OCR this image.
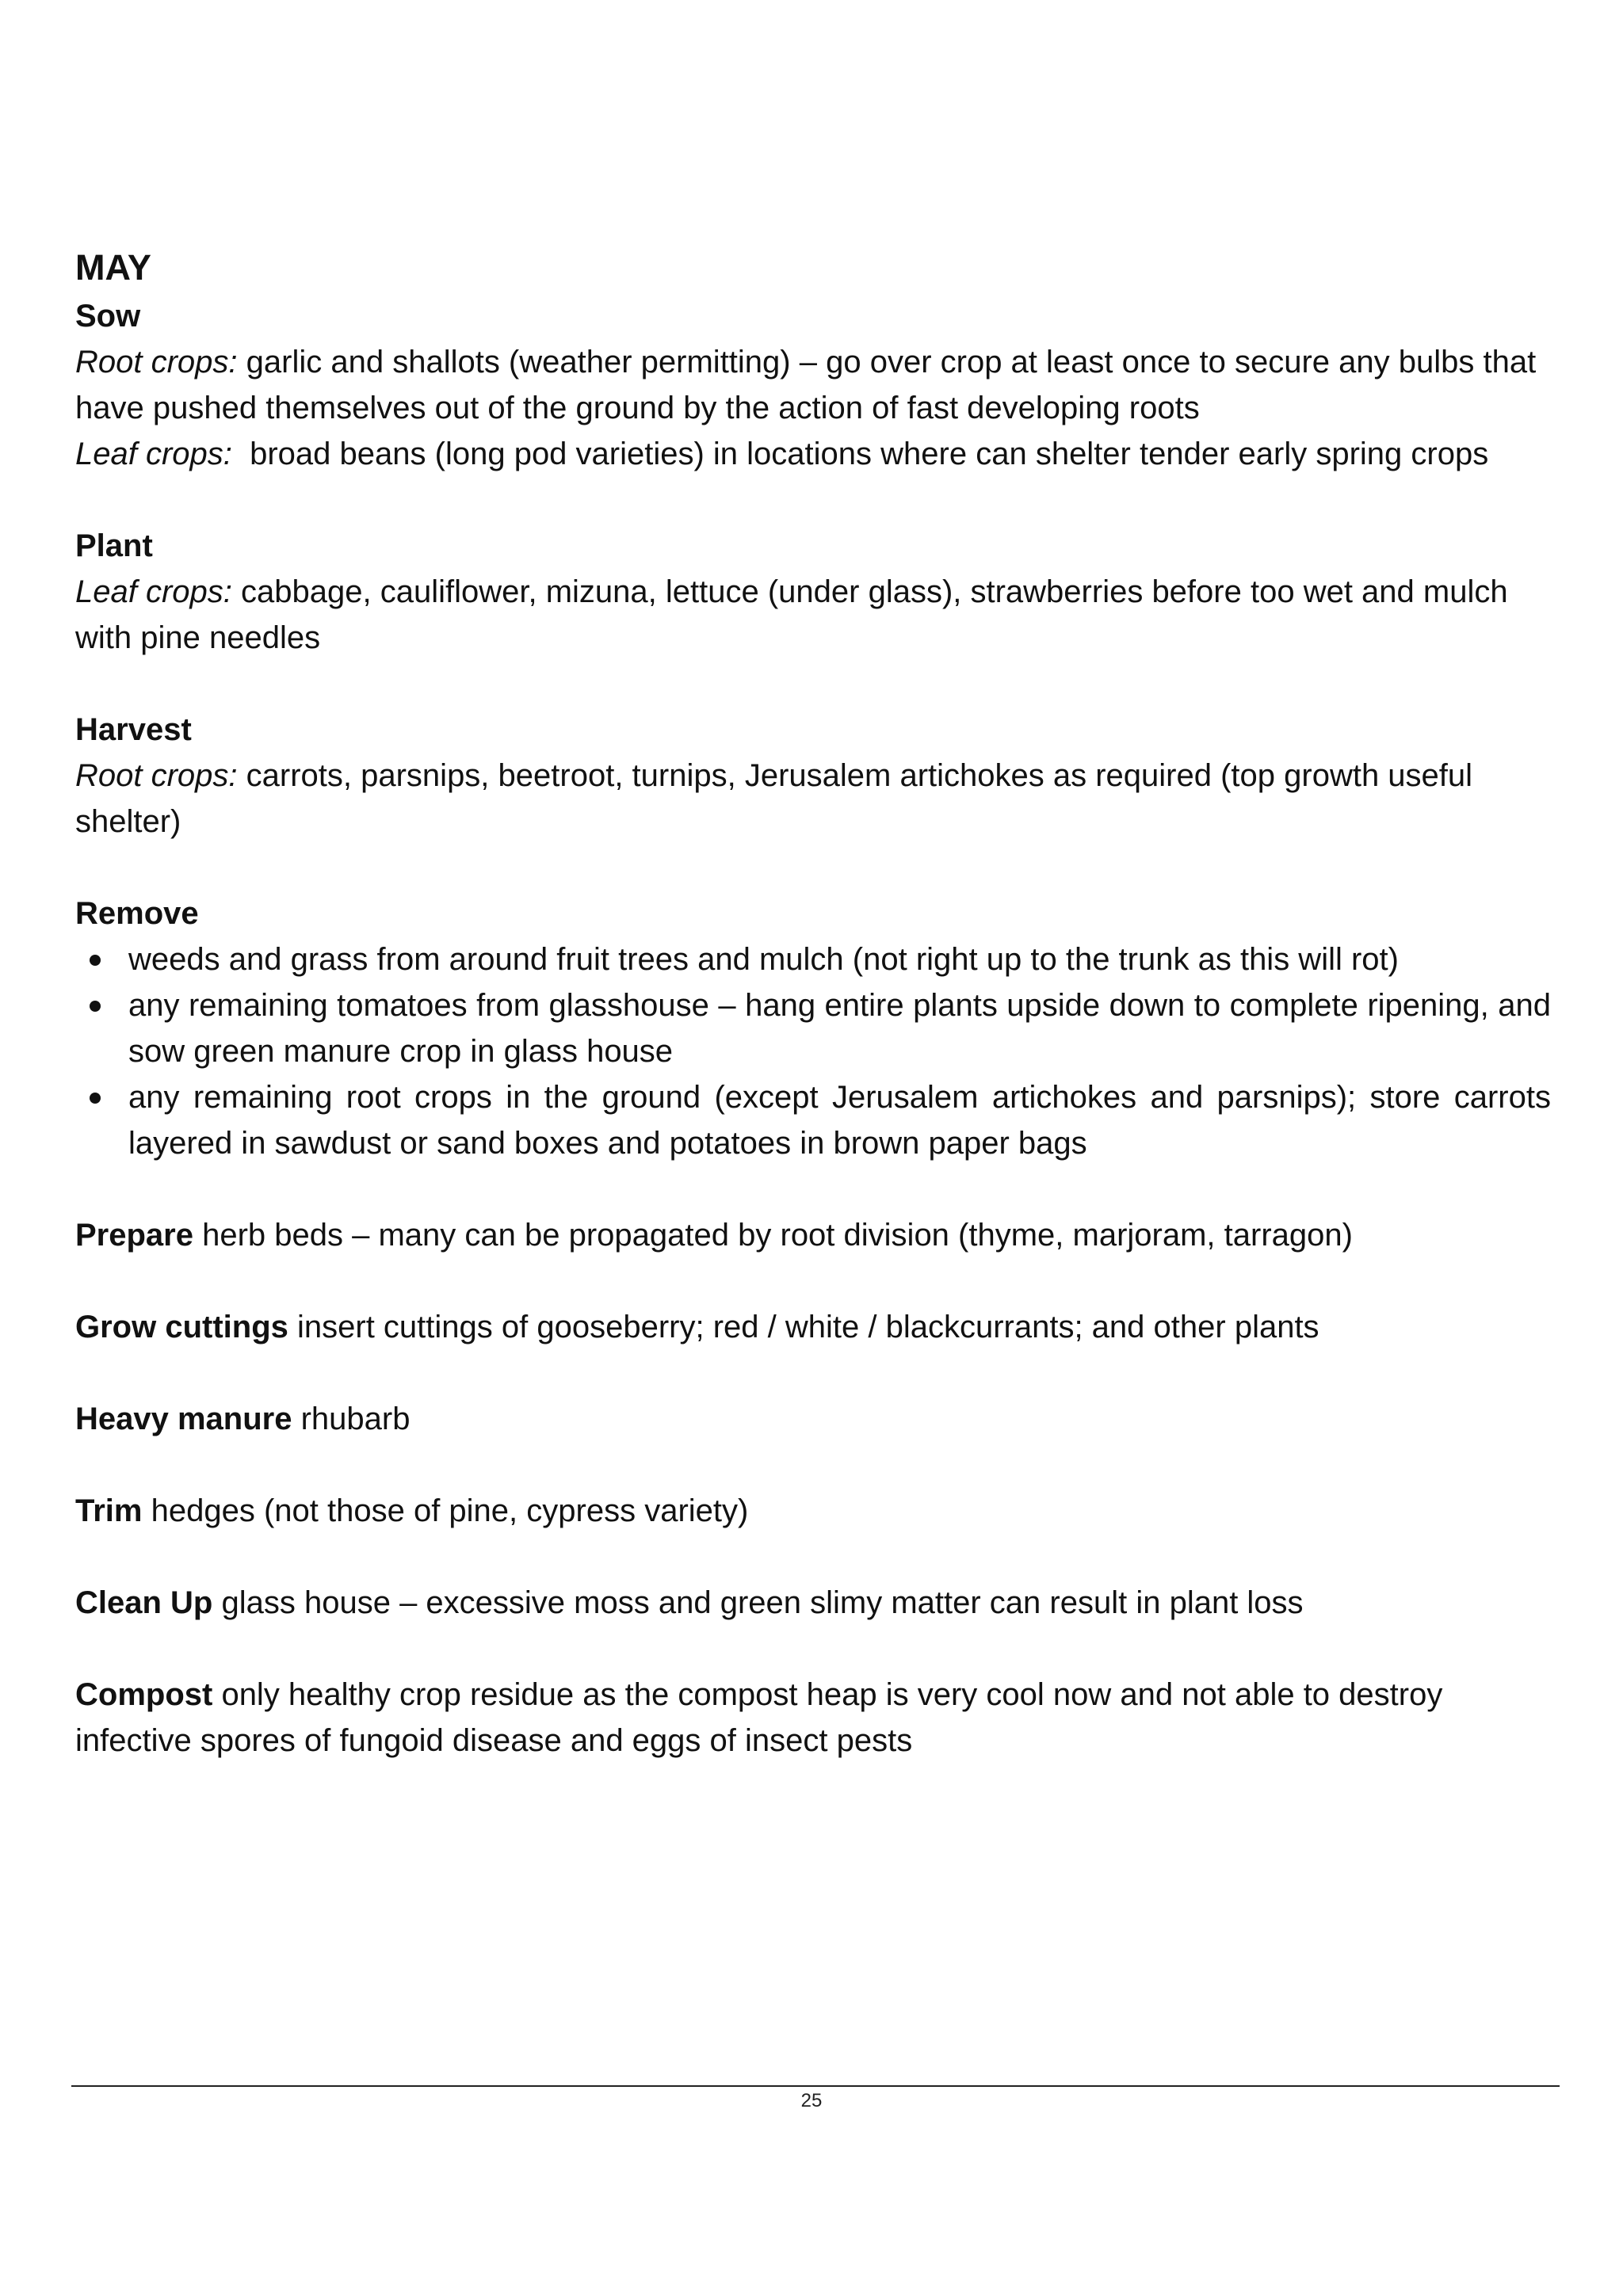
MAY

Sow

Root crops: garlic and shallots (weather permitting) – go over crop at least once to secure any bulbs that have pushed themselves out of the ground by the action of fast developing roots

Leaf crops:  broad beans (long pod varieties) in locations where can shelter tender early spring crops

Plant

Leaf crops: cabbage, cauliflower, mizuna, lettuce (under glass), strawberries before too wet and mulch with pine needles

Harvest

Root crops: carrots, parsnips, beetroot, turnips, Jerusalem artichokes as required (top growth useful shelter)

Remove

weeds and grass from around fruit trees and mulch (not right up to the trunk as this will rot)
any remaining tomatoes from glasshouse – hang entire plants upside down to complete ripening, and sow green manure crop in glass house
any remaining root crops in the ground (except Jerusalem artichokes and parsnips); store carrots layered in sawdust or sand boxes and potatoes in brown paper bags

Prepare herb beds – many can be propagated by root division (thyme, marjoram, tarragon)

Grow cuttings insert cuttings of gooseberry; red / white / blackcurrants; and other plants

Heavy manure rhubarb

Trim hedges (not those of pine, cypress variety)

Clean Up glass house – excessive moss and green slimy matter can result in plant loss

Compost only healthy crop residue as the compost heap is very cool now and not able to destroy infective spores of fungoid disease and eggs of insect pests

25
